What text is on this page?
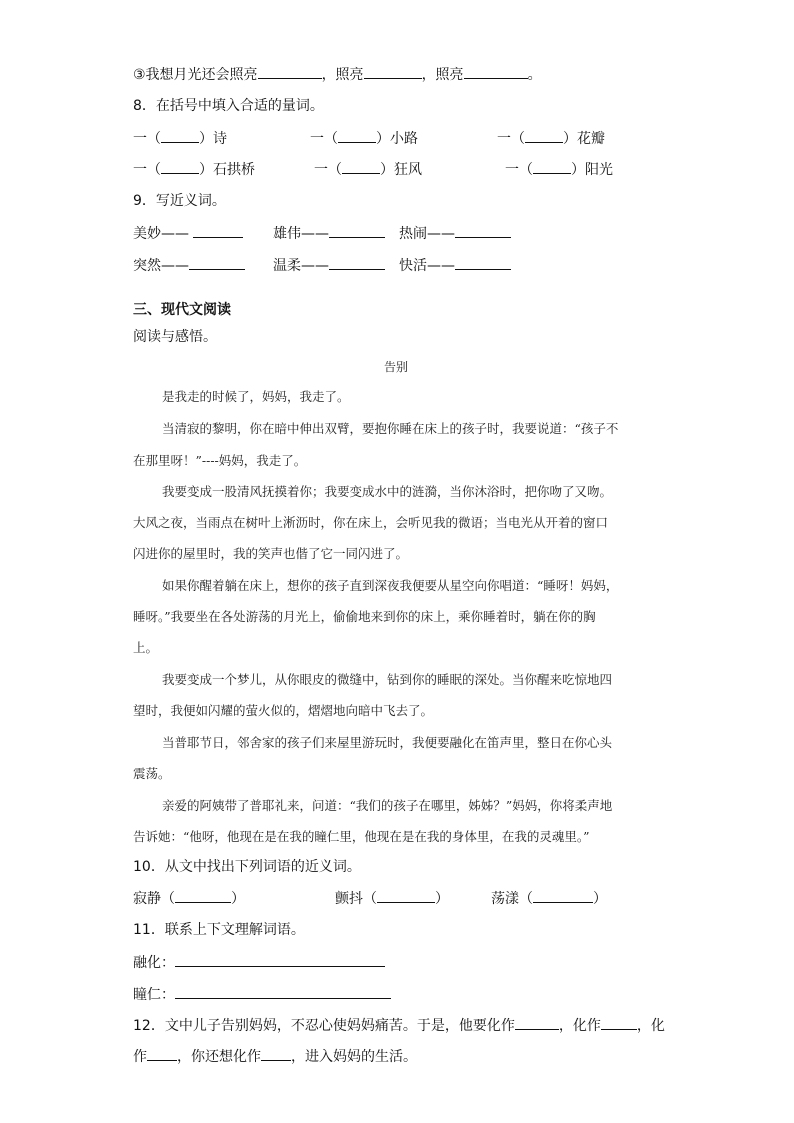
③我想月光还会照亮	，照亮	，照亮	。
8．在括号中填入合适的量词。
一（	）诗	一（	）小路	一（	）花瓣
一（	）石拱桥	一（	）狂风	一（	）阳光
9．写近义词。
美妙——	雄伟——	热闹——
突然——	温柔——	快活——
三、现代文阅读
阅读与感悟。
告别
是我走的时候了，妈妈，我走了。
当清寂的黎明，你在暗中伸出双臂，要抱你睡在床上的孩子时，我要说道：“孩子不
在那里呀！”----妈妈，我走了。
我要变成一股清风抚摸着你；我要变成水中的涟漪，当你沐浴时，把你吻了又吻。
大风之夜，当雨点在树叶上淅沥时，你在床上，会听见我的微语；当电光从开着的窗口
闪进你的屋里时，我的笑声也偕了它一同闪进了。
如果你醒着躺在床上，想你的孩子直到深夜我便要从星空向你唱道：“睡呀！妈妈，
睡呀。”我要坐在各处游荡的月光上，偷偷地来到你的床上，乘你睡着时，躺在你的胸
上。
我要变成一个梦儿，从你眼皮的微缝中，钻到你的睡眠的深处。当你醒来吃惊地四
望时，我便如闪耀的萤火似的，熠熠地向暗中飞去了。
当普耶节日，邻舍家的孩子们来屋里游玩时，我便要融化在笛声里，整日在你心头
震荡。
亲爱的阿姨带了普耶礼来，问道：“我们的孩子在哪里，姊姊？”妈妈，你将柔声地
告诉她：“他呀，他现在是在我的瞳仁里，他现在是在我的身体里，在我的灵魂里。”
10．从文中找出下列词语的近义词。
寂静（	）	颤抖（	）	荡漾（	）
11．联系上下文理解词语。
融化：
瞳仁：
12．文中儿子告别妈妈，不忍心使妈妈痛苦。于是，他要化作	，化作	，化
作 ，你还想化作 ，进入妈妈的生活。
